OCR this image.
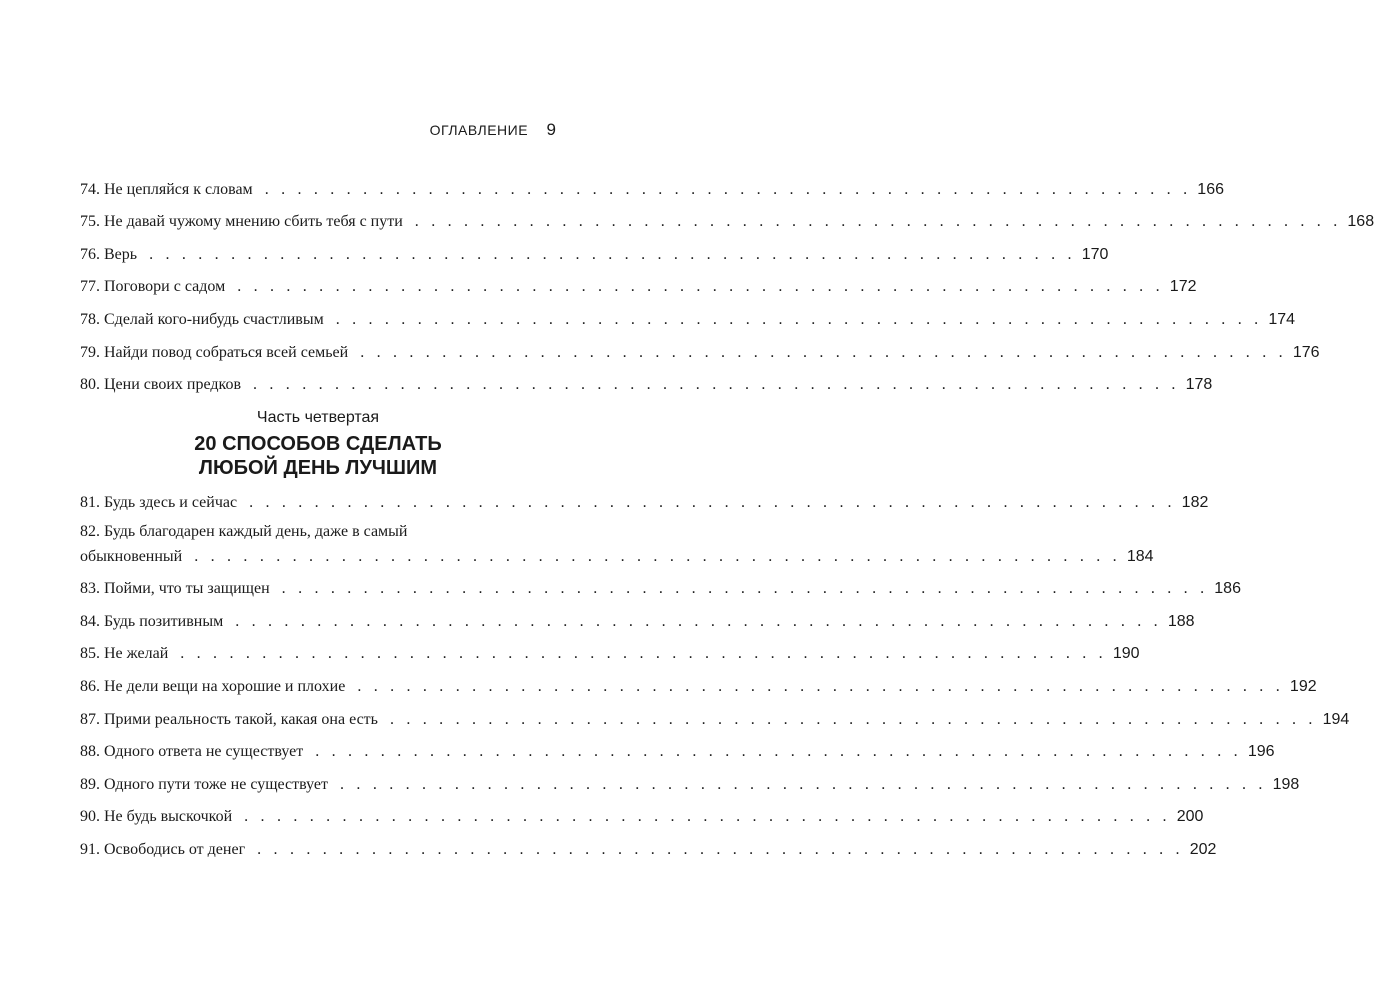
ОГЛАВЛЕНИЕ 9
74. Не цепляйся к словам . . . . . . . . . . . . . . . . . . . . . . . . . . . . . . . . . . . . . . . . . . . . . . . . . . . . . . . . . 166
75. Не давай чужому мнению сбить тебя с пути . . . . . . . . . . . . . . . . . . . . . . . . . . . . . . . . . . . . . . . . . . . . . . . . . . . . . . . . . 168
76. Верь . . . . . . . . . . . . . . . . . . . . . . . . . . . . . . . . . . . . . . . . . . . . . . . . . . . . . . . . . 170
77. Поговори с садом . . . . . . . . . . . . . . . . . . . . . . . . . . . . . . . . . . . . . . . . . . . . . . . . . . . . . . . . . 172
78. Сделай кого-нибудь счастливым . . . . . . . . . . . . . . . . . . . . . . . . . . . . . . . . . . . . . . . . . . . . . . . . . . . . . . . . . 174
79. Найди повод собраться всей семьей . . . . . . . . . . . . . . . . . . . . . . . . . . . . . . . . . . . . . . . . . . . . . . . . . . . . . . . . . 176
80. Цени своих предков . . . . . . . . . . . . . . . . . . . . . . . . . . . . . . . . . . . . . . . . . . . . . . . . . . . . . . . . . 178
Часть четвертая
20 СПОСОБОВ СДЕЛАТЬ
ЛЮБОЙ ДЕНЬ ЛУЧШИМ
81. Будь здесь и сейчас . . . . . . . . . . . . . . . . . . . . . . . . . . . . . . . . . . . . . . . . . . . . . . . . . . . . . . . . . 182
82. Будь благодарен каждый день, даже в самый
обыкновенный . . . . . . . . . . . . . . . . . . . . . . . . . . . . . . . . . . . . . . . . . . . . . . . . . . . . . . . . . 184
83. Пойми, что ты защищен . . . . . . . . . . . . . . . . . . . . . . . . . . . . . . . . . . . . . . . . . . . . . . . . . . . . . . . . . 186
84. Будь позитивным . . . . . . . . . . . . . . . . . . . . . . . . . . . . . . . . . . . . . . . . . . . . . . . . . . . . . . . . . 188
85. Не желай . . . . . . . . . . . . . . . . . . . . . . . . . . . . . . . . . . . . . . . . . . . . . . . . . . . . . . . . . 190
86. Не дели вещи на хорошие и плохие . . . . . . . . . . . . . . . . . . . . . . . . . . . . . . . . . . . . . . . . . . . . . . . . . . . . . . . . . 192
87. Прими реальность такой, какая она есть . . . . . . . . . . . . . . . . . . . . . . . . . . . . . . . . . . . . . . . . . . . . . . . . . . . . . . . . . 194
88. Одного ответа не существует . . . . . . . . . . . . . . . . . . . . . . . . . . . . . . . . . . . . . . . . . . . . . . . . . . . . . . . . . 196
89. Одного пути тоже не существует . . . . . . . . . . . . . . . . . . . . . . . . . . . . . . . . . . . . . . . . . . . . . . . . . . . . . . . . . 198
90. Не будь выскочкой . . . . . . . . . . . . . . . . . . . . . . . . . . . . . . . . . . . . . . . . . . . . . . . . . . . . . . . . . 200
91. Освободись от денег . . . . . . . . . . . . . . . . . . . . . . . . . . . . . . . . . . . . . . . . . . . . . . . . . . . . . . . . . 202
